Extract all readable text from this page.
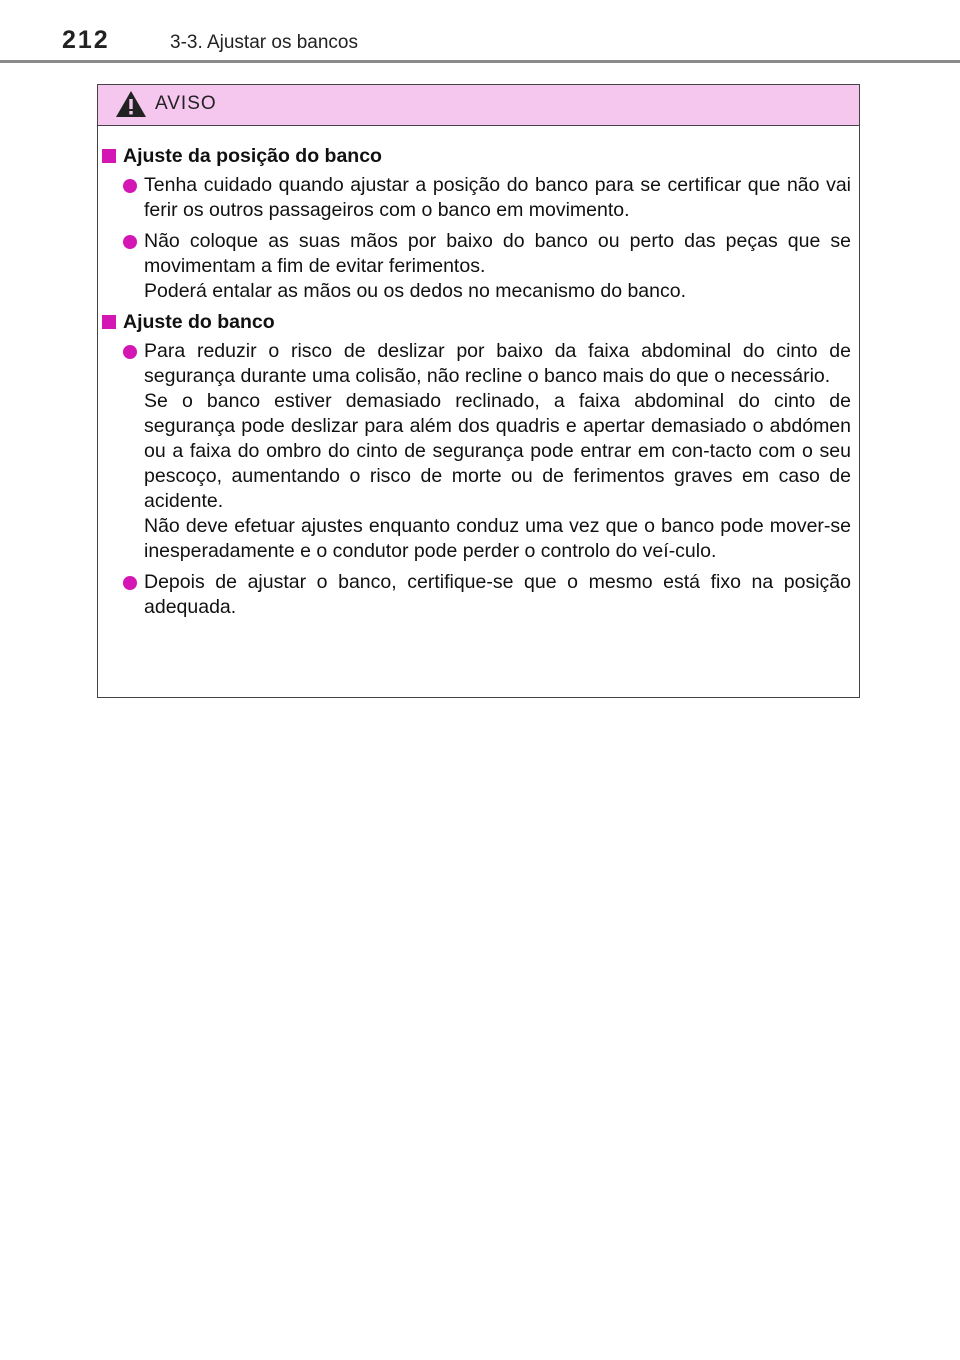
212	3-3. Ajustar os bancos
AVISO
Ajuste da posição do banco

Tenha cuidado quando ajustar a posição do banco para se certificar que não vai ferir os outros passageiros com o banco em movimento.

Não coloque as suas mãos por baixo do banco ou perto das peças que se movimentam a fim de evitar ferimentos.

Poderá entalar as mãos ou os dedos no mecanismo do banco.

Ajuste do banco

Para reduzir o risco de deslizar por baixo da faixa abdominal do cinto de segurança durante uma colisão, não recline o banco mais do que o necessário.

Se o banco estiver demasiado reclinado, a faixa abdominal do cinto de segurança pode deslizar para além dos quadris e apertar demasiado o abdómen ou a faixa do ombro do cinto de segurança pode entrar em con-tacto com o seu pescoço, aumentando o risco de morte ou de ferimentos graves em caso de acidente.

Não deve efetuar ajustes enquanto conduz uma vez que o banco pode mover-se inesperadamente e o condutor pode perder o controlo do veí-culo.

Depois de ajustar o banco, certifique-se que o mesmo está fixo na posição adequada.
